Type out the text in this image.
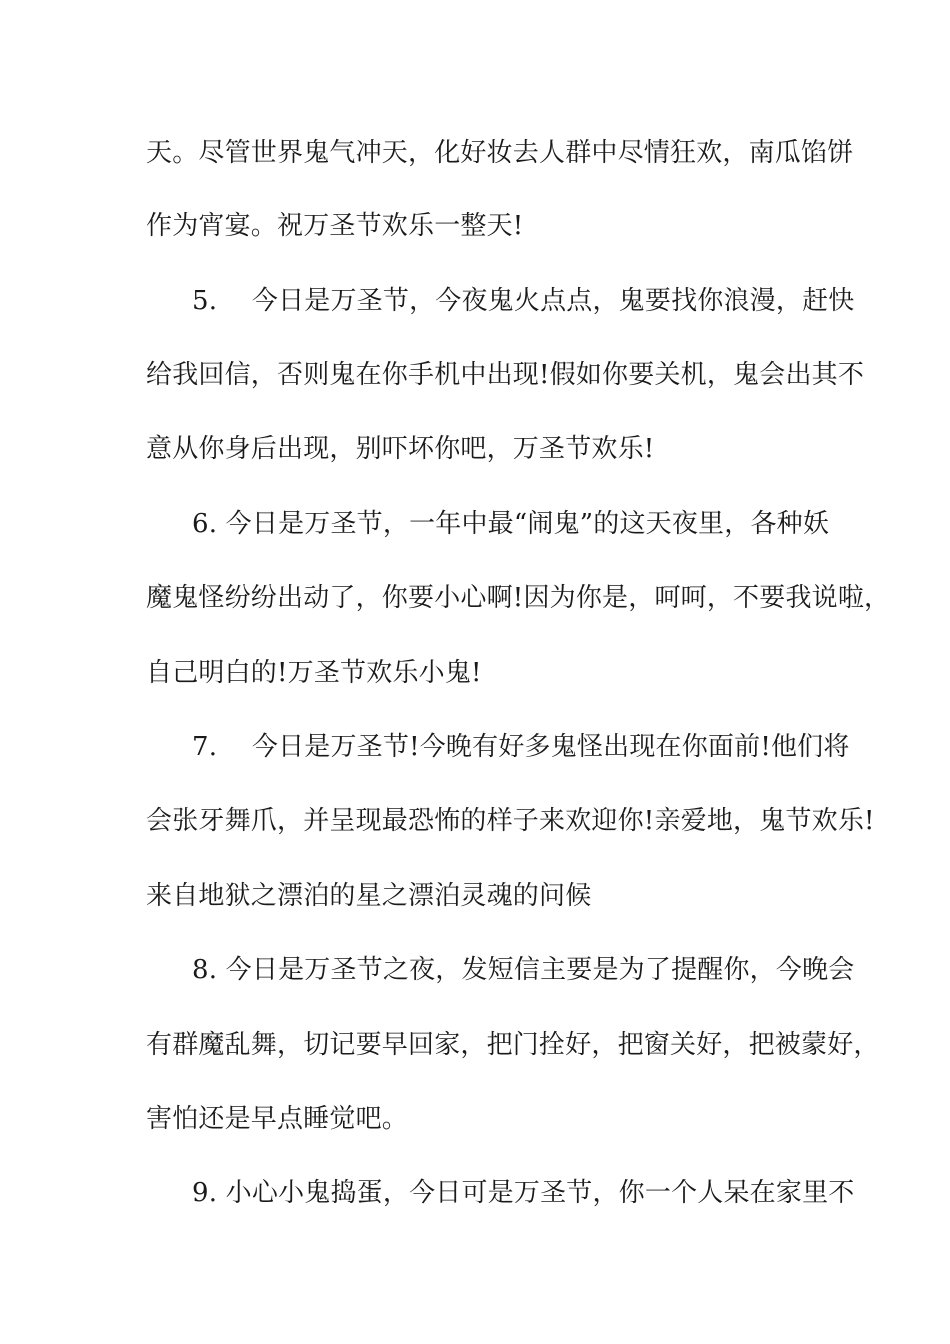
天。尽管世界鬼气冲天，化好妆去人群中尽情狂欢，南瓜馅饼
作为宵宴。祝万圣节欢乐一整天!
5.　 今日是万圣节，今夜鬼火点点，鬼要找你浪漫，赶快
给我回信，否则鬼在你手机中出现!假如你要关机，鬼会出其不
意从你身后出现，别吓坏你吧，万圣节欢乐!
6. 今日是万圣节，一年中最“闹鬼”的这天夜里，各种妖
魔鬼怪纷纷出动了，你要小心啊!因为你是，呵呵，不要我说啦，
自己明白的!万圣节欢乐小鬼!
7.　 今日是万圣节!今晚有好多鬼怪出现在你面前!他们将
会张牙舞爪，并呈现最恐怖的样子来欢迎你!亲爱地，鬼节欢乐!
来自地狱之漂泊的星之漂泊灵魂的问候
8. 今日是万圣节之夜，发短信主要是为了提醒你，今晚会
有群魔乱舞，切记要早回家，把门拴好，把窗关好，把被蒙好，
害怕还是早点睡觉吧。
9. 小心小鬼捣蛋，今日可是万圣节，你一个人呆在家里不
